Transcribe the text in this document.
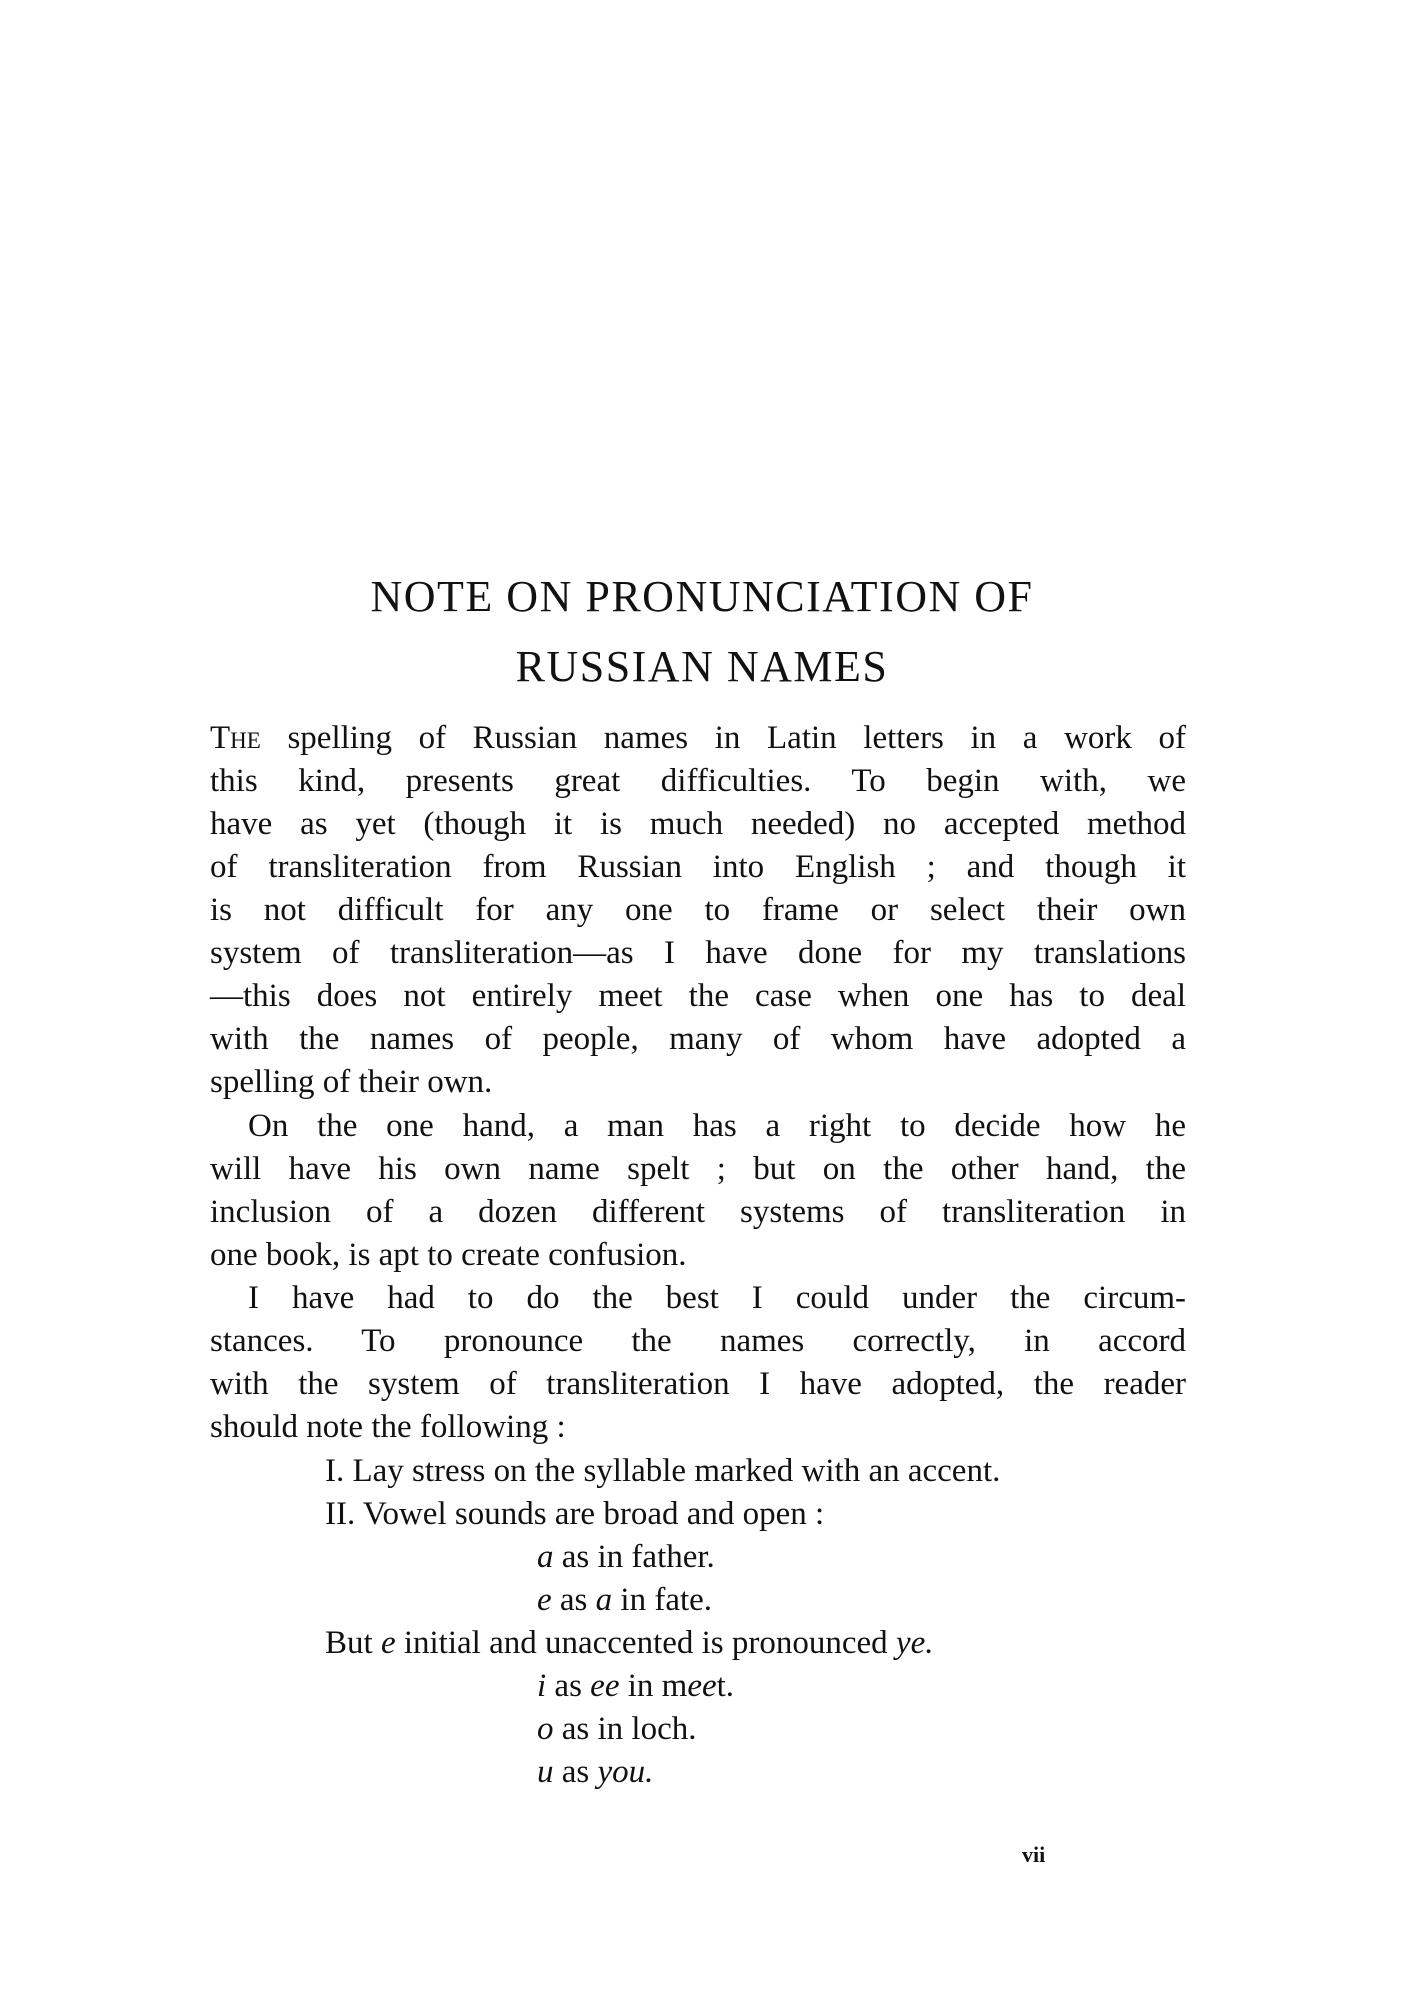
NOTE ON PRONUNCIATION OF
RUSSIAN NAMES
The spelling of Russian names in Latin letters in a work of
this kind, presents great difficulties. To begin with, we
have as yet (though it is much needed) no accepted method
of transliteration from Russian into English ; and though it
is not difficult for any one to frame or select their own
system of transliteration—as I have done for my translations
—this does not entirely meet the case when one has to deal
with the names of people, many of whom have adopted a
spelling of their own.
On the one hand, a man has a right to decide how he
will have his own name spelt ; but on the other hand, the
inclusion of a dozen different systems of transliteration in
one book, is apt to create confusion.
I have had to do the best I could under the circum-
stances. To pronounce the names correctly, in accord
with the system of transliteration I have adopted, the reader
should note the following :
I. Lay stress on the syllable marked with an accent.
II. Vowel sounds are broad and open :
a as in father.
e as a in fate.
But e initial and unaccented is pronounced ye.
i as ee in meet.
o as in loch.
u as you.
vii
